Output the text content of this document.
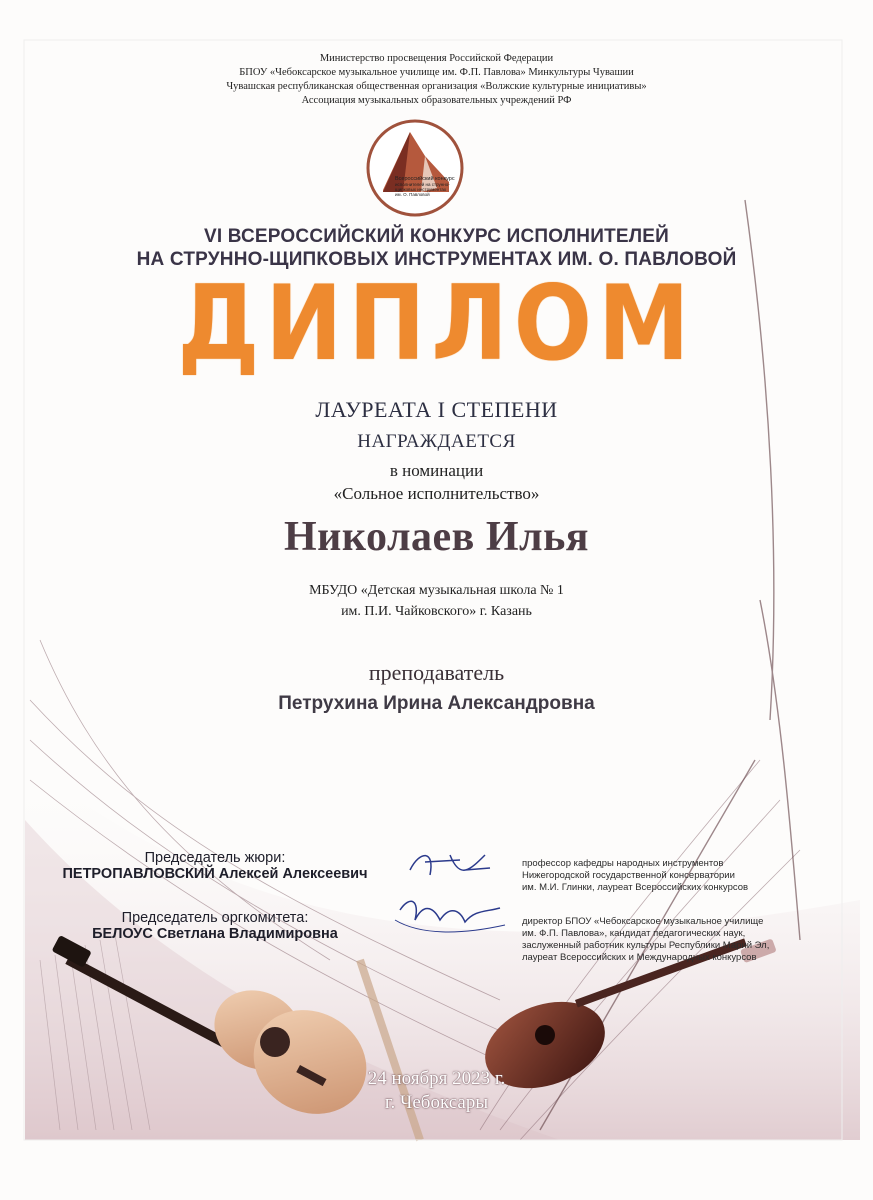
Министерство просвещения Российской Федерации
БПОУ «Чебоксарское музыкальное училище им. Ф.П. Павлова» Минкультуры Чувашии
Чувашская республиканская общественная организация «Волжские культурные инициативы»
Ассоциация музыкальных образовательных учреждений РФ
Всероссийский конкурс
исполнителей на струнно-
щипковых инструментах
им. О. Павловой
VI ВСЕРОССИЙСКИЙ КОНКУРС ИСПОЛНИТЕЛЕЙ
НА СТРУННО-ЩИПКОВЫХ ИНСТРУМЕНТАХ ИМ. О. ПАВЛОВОЙ
ДИПЛОМ
ЛАУРЕАТА I СТЕПЕНИ
НАГРАЖДАЕТСЯ
в номинации
«Сольное исполнительство»
Николаев Илья
МБУДО «Детская музыкальная школа № 1
им. П.И. Чайковского» г. Казань
преподаватель
Петрухина Ирина Александровна
Председатель жюри:
ПЕТРОПАВЛОВСКИЙ Алексей Алексеевич
Председатель оргкомитета:
БЕЛОУС Светлана Владимировна
профессор кафедры народных инструментов
Нижегородской государственной консерватории
им. М.И. Глинки, лауреат Всероссийских конкурсов
директор БПОУ «Чебоксарское музыкальное училище
им. Ф.П. Павлова», кандидат педагогических наук,
заслуженный работник культуры Республики Марий Эл,
лауреат Всероссийских и Международных конкурсов
24 ноября 2023 г.
г. Чебоксары
